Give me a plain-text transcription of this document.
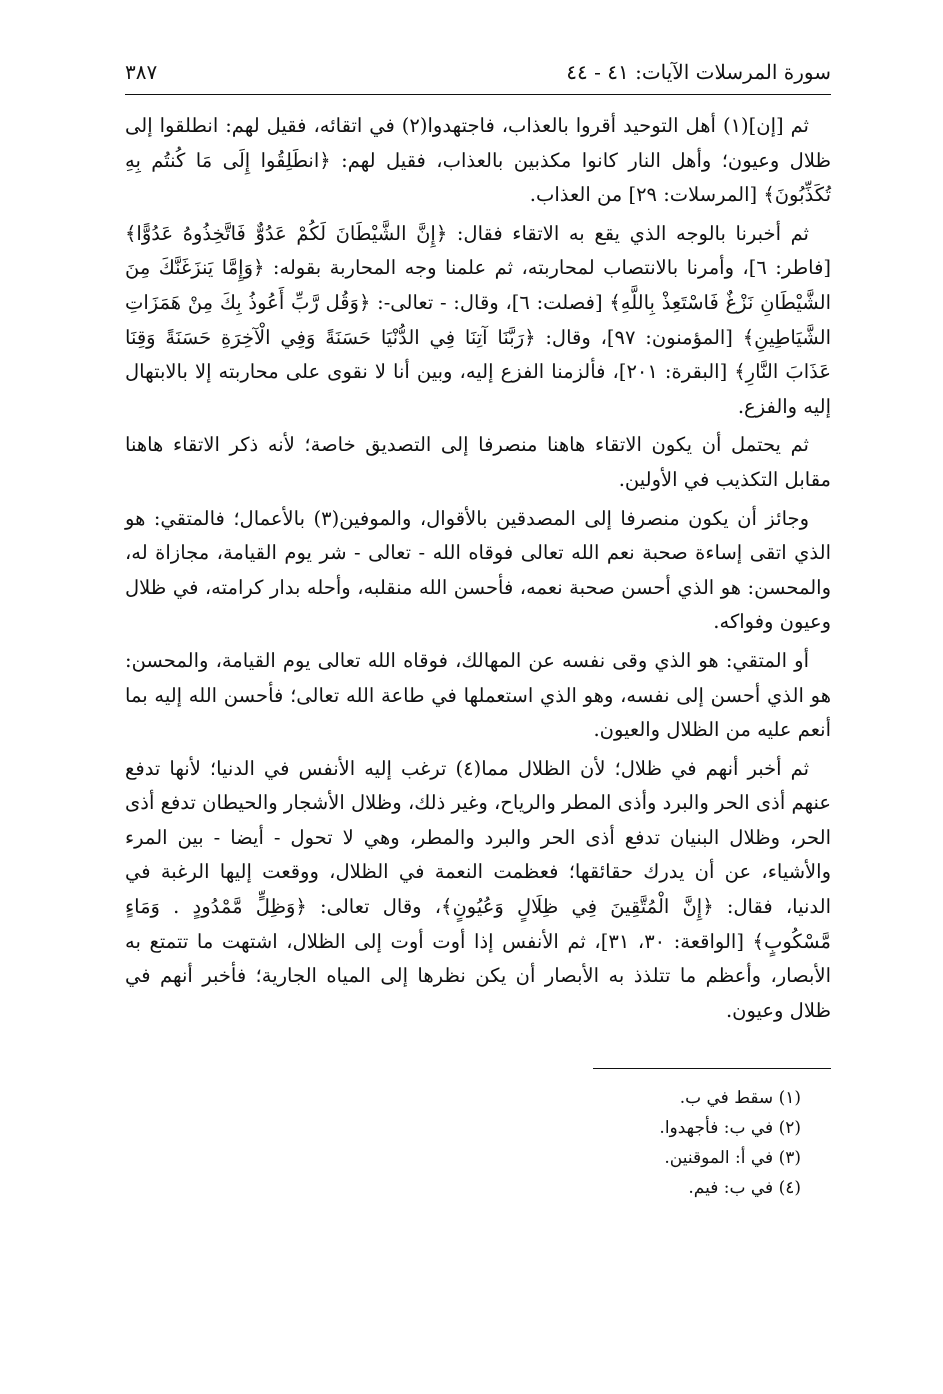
سورة المرسلات الآيات: ٤١ - ٤٤
٣٨٧

ثم [إن](١) أهل التوحيد أقروا بالعذاب، فاجتهدوا(٢) في اتقائه، فقيل لهم: انطلقوا إلى ظلال وعيون؛ وأهل النار كانوا مكذبين بالعذاب، فقيل لهم: ﴿انطَلِقُوا إِلَى مَا كُنتُم بِهِ تُكَذِّبُونَ﴾ [المرسلات: ٢٩] من العذاب.

ثم أخبرنا بالوجه الذي يقع به الاتقاء فقال: ﴿إِنَّ الشَّيْطَانَ لَكُمْ عَدُوٌّ فَاتَّخِذُوهُ عَدُوًّا﴾ [فاطر: ٦]، وأمرنا بالانتصاب لمحاربته، ثم علمنا وجه المحاربة بقوله: ﴿وَإِمَّا يَنزَغَنَّكَ مِنَ الشَّيْطَانِ نَزْغٌ فَاسْتَعِذْ بِاللَّهِ﴾ [فصلت: ٦]، وقال: - تعالى-: ﴿وَقُل رَّبِّ أَعُوذُ بِكَ مِنْ هَمَزَاتِ الشَّيَاطِينِ﴾ [المؤمنون: ٩٧]، وقال: ﴿رَبَّنَا آتِنَا فِي الدُّنْيَا حَسَنَةً وَفِي الْآخِرَةِ حَسَنَةً وَقِنَا عَذَابَ النَّارِ﴾ [البقرة: ٢٠١]، فألزمنا الفزع إليه، وبين أنا لا نقوى على محاربته إلا بالابتهال إليه والفزع.

ثم يحتمل أن يكون الاتقاء هاهنا منصرفا إلى التصديق خاصة؛ لأنه ذكر الاتقاء هاهنا مقابل التكذيب في الأولين.

وجائز أن يكون منصرفا إلى المصدقين بالأقوال، والموفين(٣) بالأعمال؛ فالمتقي: هو الذي اتقى إساءة صحبة نعم الله تعالى فوقاه الله - تعالى - شر يوم القيامة، مجازاة له، والمحسن: هو الذي أحسن صحبة نعمه، فأحسن الله منقلبه، وأحله بدار كرامته، في ظلال وعيون وفواكه.

أو المتقي: هو الذي وقى نفسه عن المهالك، فوقاه الله تعالى يوم القيامة، والمحسن: هو الذي أحسن إلى نفسه، وهو الذي استعملها في طاعة الله تعالى؛ فأحسن الله إليه بما أنعم عليه من الظلال والعيون.

ثم أخبر أنهم في ظلال؛ لأن الظلال مما(٤) ترغب إليه الأنفس في الدنيا؛ لأنها تدفع عنهم أذى الحر والبرد وأذى المطر والرياح، وغير ذلك، وظلال الأشجار والحيطان تدفع أذى الحر، وظلال البنيان تدفع أذى الحر والبرد والمطر، وهي لا تحول - أيضا - بين المرء والأشياء، عن أن يدرك حقائقها؛ فعظمت النعمة في الظلال، ووقعت إليها الرغبة في الدنيا، فقال: ﴿إِنَّ الْمُتَّقِينَ فِي ظِلَالٍ وَعُيُونٍ﴾، وقال تعالى: ﴿وَظِلٍّ مَّمْدُودٍ . وَمَاءٍ مَّسْكُوبٍ﴾ [الواقعة: ٣٠، ٣١]، ثم الأنفس إذا أوت أوت إلى الظلال، اشتهت ما تتمتع به الأبصار، وأعظم ما تتلذذ به الأبصار أن يكن نظرها إلى المياه الجارية؛ فأخبر أنهم في ظلال وعيون.

(١) سقط في ب.
(٢) في ب: فأجهدوا.
(٣) في أ: الموقنين.
(٤) في ب: فيم.
